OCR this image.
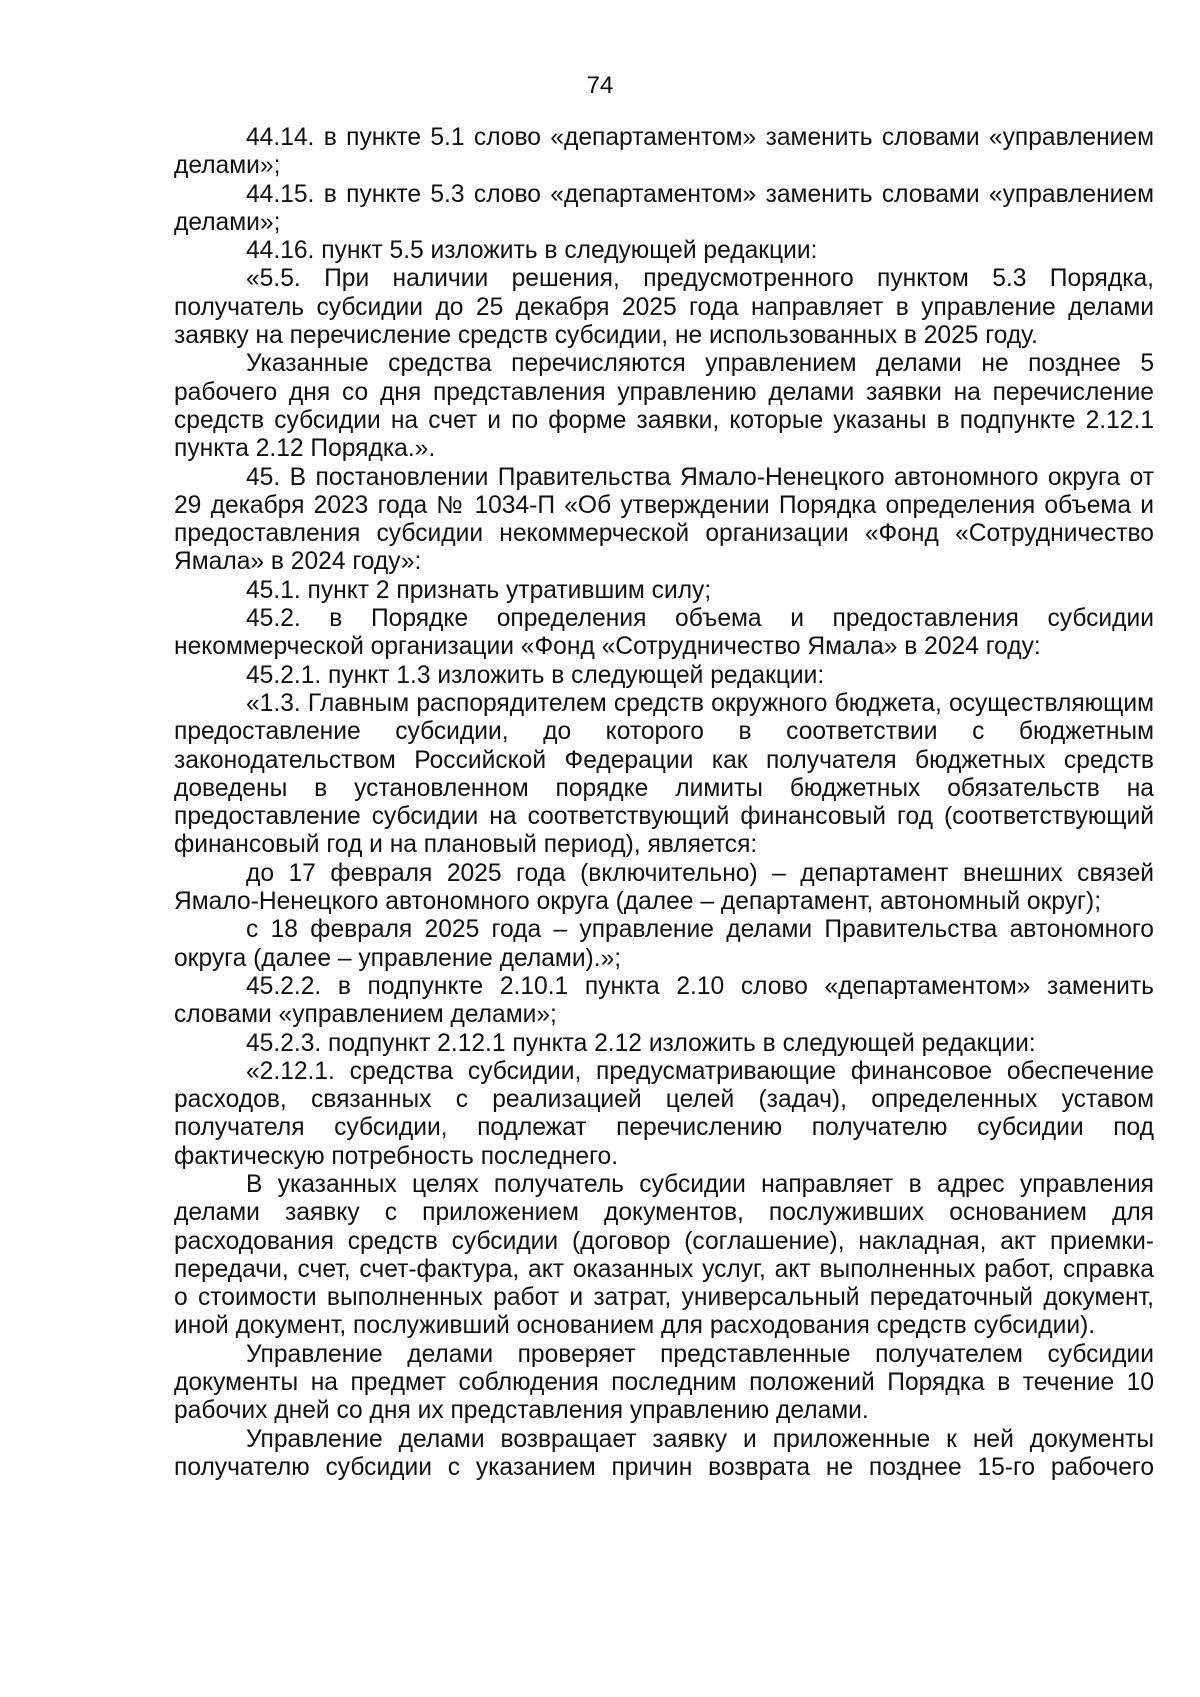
74

44.14. в пункте 5.1 слово «департаментом» заменить словами «управлением делами»;

44.15. в пункте 5.3 слово «департаментом» заменить словами «управлением делами»;

44.16. пункт 5.5 изложить в следующей редакции:

«5.5. При наличии решения, предусмотренного пунктом 5.3 Порядка, получатель субсидии до 25 декабря 2025 года направляет в управление делами заявку на перечисление средств субсидии, не использованных в 2025 году.

Указанные средства перечисляются управлением делами не позднее 5 рабочего дня со дня представления управлению делами заявки на перечисление средств субсидии на счет и по форме заявки, которые указаны в подпункте 2.12.1 пункта 2.12 Порядка.».

45. В постановлении Правительства Ямало-Ненецкого автономного округа от 29 декабря 2023 года № 1034-П «Об утверждении Порядка определения объема и предоставления субсидии некоммерческой организации «Фонд «Сотрудничество Ямала» в 2024 году»:

45.1. пункт 2 признать утратившим силу;

45.2. в Порядке определения объема и предоставления субсидии некоммерческой организации «Фонд «Сотрудничество Ямала» в 2024 году:

45.2.1. пункт 1.3 изложить в следующей редакции:

«1.3. Главным распорядителем средств окружного бюджета, осуществляющим предоставление субсидии, до которого в соответствии с бюджетным законодательством Российской Федерации как получателя бюджетных средств доведены в установленном порядке лимиты бюджетных обязательств на предоставление субсидии на соответствующий финансовый год (соответствующий финансовый год и на плановый период), является:

до 17 февраля 2025 года (включительно) – департамент внешних связей Ямало-Ненецкого автономного округа (далее – департамент, автономный округ);

с 18 февраля 2025 года – управление делами Правительства автономного округа (далее – управление делами).»;

45.2.2. в подпункте 2.10.1 пункта 2.10 слово «департаментом» заменить словами «управлением делами»;

45.2.3. подпункт 2.12.1 пункта 2.12 изложить в следующей редакции:

«2.12.1. средства субсидии, предусматривающие финансовое обеспечение расходов, связанных с реализацией целей (задач), определенных уставом получателя субсидии, подлежат перечислению получателю субсидии под фактическую потребность последнего.

В указанных целях получатель субсидии направляет в адрес управления делами заявку с приложением документов, послуживших основанием для расходования средств субсидии (договор (соглашение), накладная, акт приемки-передачи, счет, счет-фактура, акт оказанных услуг, акт выполненных работ, справка о стоимости выполненных работ и затрат, универсальный передаточный документ, иной документ, послуживший основанием для расходования средств субсидии).

Управление делами проверяет представленные получателем субсидии документы на предмет соблюдения последним положений Порядка в течение 10 рабочих дней со дня их представления управлению делами.

Управление делами возвращает заявку и приложенные к ней документы получателю субсидии с указанием причин возврата не позднее 15-го рабочего
